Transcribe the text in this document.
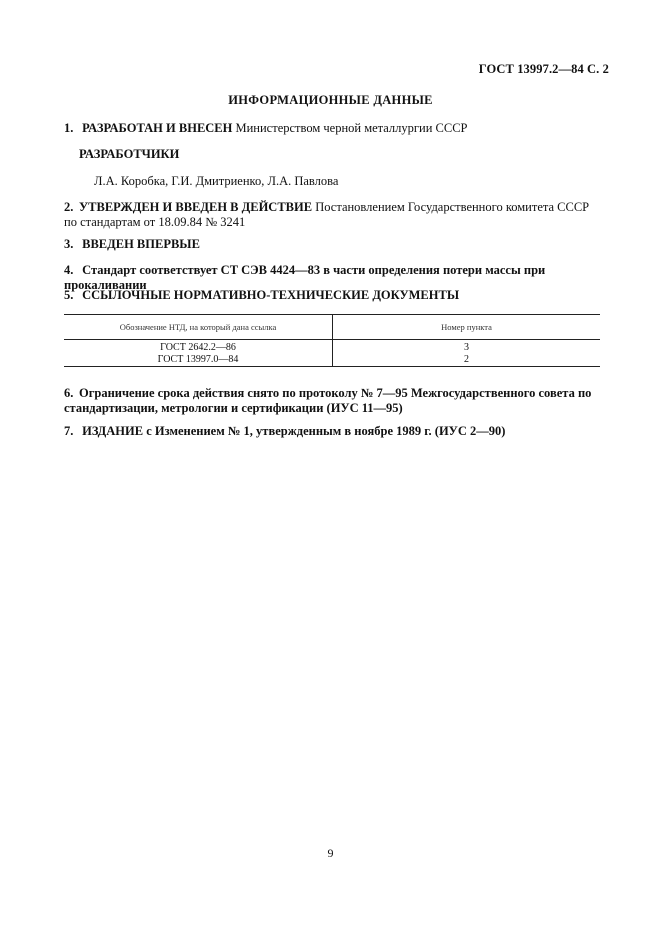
ГОСТ 13997.2—84 С. 2
ИНФОРМАЦИОННЫЕ ДАННЫЕ
1. РАЗРАБОТАН И ВНЕСЕН Министерством черной металлургии СССР
РАЗРАБОТЧИКИ
Л.А. Коробка, Г.И. Дмитриенко, Л.А. Павлова
2. УТВЕРЖДЕН И ВВЕДЕН В ДЕЙСТВИЕ Постановлением Государственного комитета СССР по стандартам от 18.09.84 № 3241
3. ВВЕДЕН ВПЕРВЫЕ
4. Стандарт соответствует СТ СЭВ 4424—83 в части определения потери массы при прокаливании
5. ССЫЛОЧНЫЕ НОРМАТИВНО-ТЕХНИЧЕСКИЕ ДОКУМЕНТЫ
Обозначение НТД, на который дана ссылка	Номер пункта
ГОСТ 2642.2—86	3
ГОСТ 13997.0—84	2
6. Ограничение срока действия снято по протоколу № 7—95 Межгосударственного совета по стандартизации, метрологии и сертификации (ИУС 11—95)
7. ИЗДАНИЕ с Изменением № 1, утвержденным в ноябре 1989 г. (ИУС 2—90)
9
